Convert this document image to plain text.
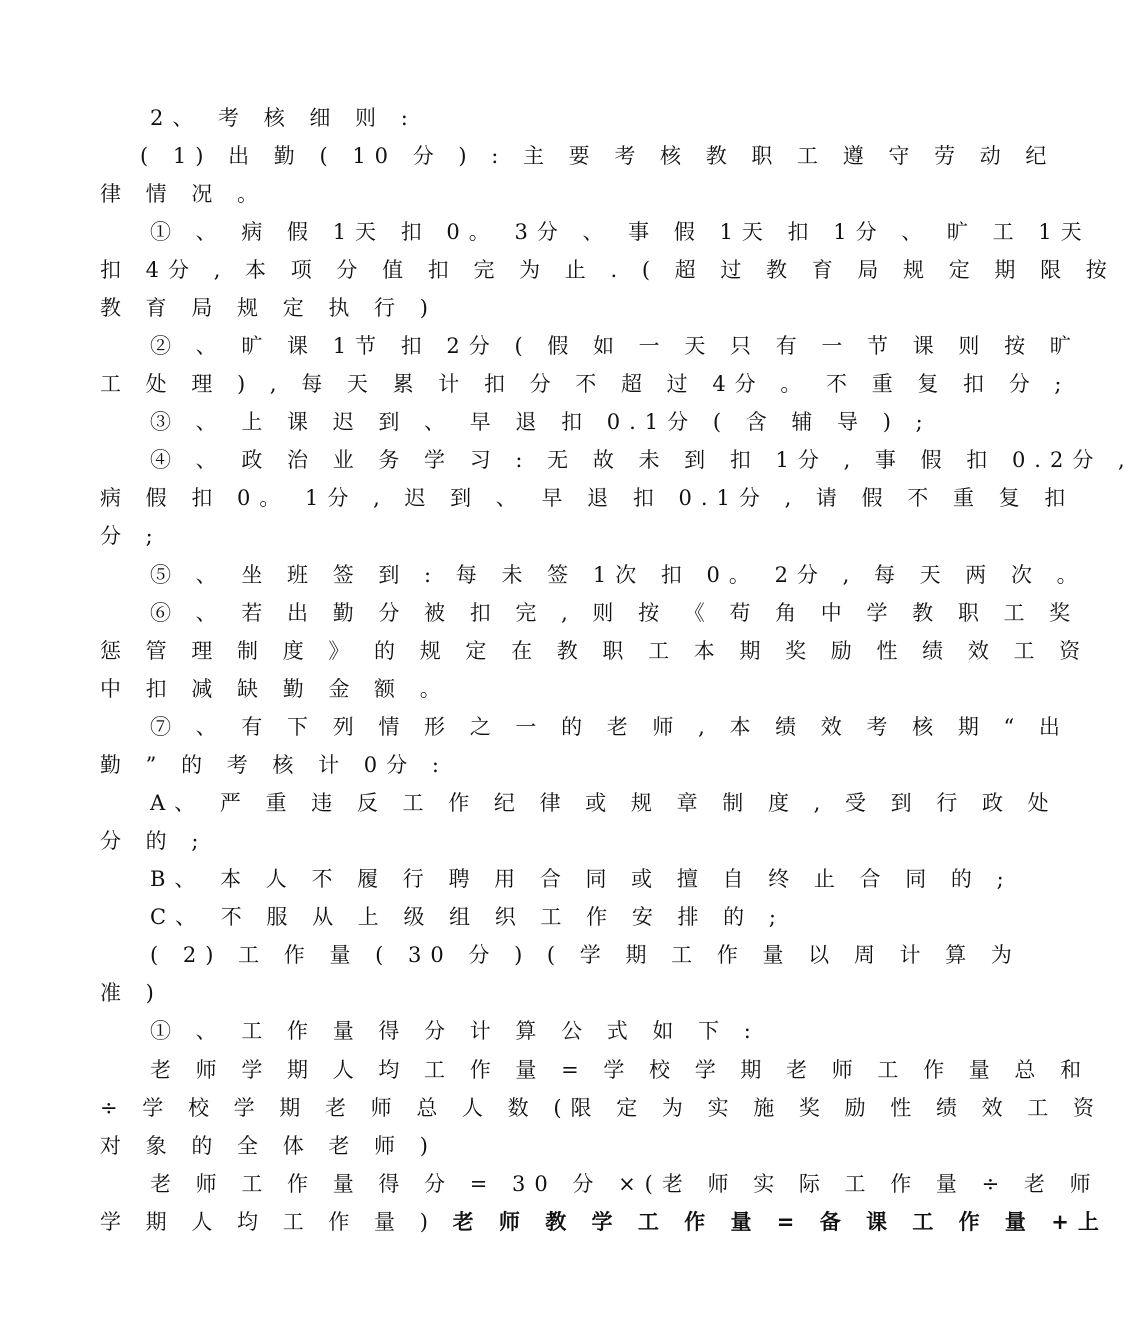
2、 考 核 细 则 :
( 1) 出 勤 ( 10 分 ) : 主 要 考 核 教 职 工 遵 守 劳 动 纪
律 情 况 。
① 、 病 假 1天 扣 0。 3分 、 事 假 1天 扣 1分 、 旷 工 1天
扣 4分 , 本 项 分 值 扣 完 为 止 . ( 超 过 教 育 局 规 定 期 限 按
教 育 局 规 定 执 行 )
② 、 旷 课 1节 扣 2分 ( 假 如 一 天 只 有 一 节 课 则 按 旷
工 处 理 ) , 每 天 累 计 扣 分 不 超 过 4分 。 不 重 复 扣 分 ;
③ 、 上 课 迟 到 、 早 退 扣 0.1分 ( 含 辅 导 ) ;
④ 、 政 治 业 务 学 习 : 无 故 未 到 扣 1分 , 事 假 扣 0.2分 ,
病 假 扣 0。 1分 , 迟 到 、 早 退 扣 0.1分 , 请 假 不 重 复 扣
分 ;
⑤ 、 坐 班 签 到 : 每 未 签 1次 扣 0。 2分 , 每 天 两 次 。
⑥ 、 若 出 勤 分 被 扣 完 , 则 按 《 苟 角 中 学 教 职 工 奖
惩 管 理 制 度 》 的 规 定 在 教 职 工 本 期 奖 励 性 绩 效 工 资
中 扣 减 缺 勤 金 额 。
⑦ 、 有 下 列 情 形 之 一 的 老 师 , 本 绩 效 考 核 期 “ 出
勤 ” 的 考 核 计 0分 :
A、 严 重 违 反 工 作 纪 律 或 规 章 制 度 , 受 到 行 政 处
分 的 ;
B、 本 人 不 履 行 聘 用 合 同 或 擅 自 终 止 合 同 的 ;
C、 不 服 从 上 级 组 织 工 作 安 排 的 ;
( 2) 工 作 量 ( 30 分 ) ( 学 期 工 作 量 以 周 计 算 为
准 )
① 、 工 作 量 得 分 计 算 公 式 如 下 :
老 师 学 期 人 均 工 作 量 = 学 校 学 期 老 师 工 作 量 总 和
÷ 学 校 学 期 老 师 总 人 数 (限 定 为 实 施 奖 励 性 绩 效 工 资
对 象 的 全 体 老 师 )
老 师 工 作 量 得 分 = 30 分 ×(老 师 实 际 工 作 量 ÷ 老 师
学 期 人 均 工 作 量 ) 老 师 教 学 工 作 量 = 备 课 工 作 量 +上
